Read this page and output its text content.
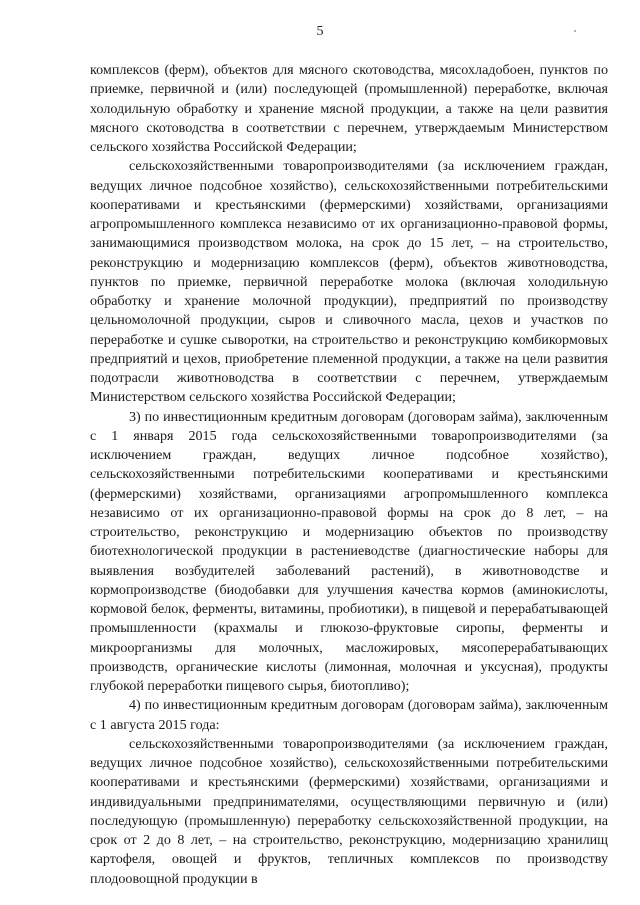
5

комплексов (ферм), объектов для мясного скотоводства, мясохладобоен, пунктов по приемке, первичной и (или) последующей (промышленной) переработке, включая холодильную обработку и хранение мясной продукции, а также на цели развития мясного скотоводства в соответствии с перечнем, утверждаемым Министерством сельского хозяйства Российской Федерации;

сельскохозяйственными товаропроизводителями (за исключением граждан, ведущих личное подсобное хозяйство), сельскохозяйственными потребительскими кооперативами и крестьянскими (фермерскими) хозяйствами, организациями агропромышленного комплекса независимо от их организационно-правовой формы, занимающимися производством молока, на срок до 15 лет, – на строительство, реконструкцию и модернизацию комплексов (ферм), объектов животноводства, пунктов по приемке, первичной переработке молока (включая холодильную обработку и хранение молочной продукции), предприятий по производству цельномолочной продукции, сыров и сливочного масла, цехов и участков по переработке и сушке сыворотки, на строительство и реконструкцию комбикормовых предприятий и цехов, приобретение племенной продукции, а также на цели развития подотрасли животноводства в соответствии с перечнем, утверждаемым Министерством сельского хозяйства Российской Федерации;

3) по инвестиционным кредитным договорам (договорам займа), заключенным с 1 января 2015 года сельскохозяйственными товаропроизводителями (за исключением граждан, ведущих личное подсобное хозяйство), сельскохозяйственными потребительскими кооперативами и крестьянскими (фермерскими) хозяйствами, организациями агропромышленного комплекса независимо от их организационно-правовой формы на срок до 8 лет, – на строительство, реконструкцию и модернизацию объектов по производству биотехнологической продукции в растениеводстве (диагностические наборы для выявления возбудителей заболеваний растений), в животноводстве и кормопроизводстве (биодобавки для улучшения качества кормов (аминокислоты, кормовой белок, ферменты, витамины, пробиотики), в пищевой и перерабатывающей промышленности (крахмалы и глюкозо-фруктовые сиропы, ферменты и микроорганизмы для молочных, масложировых, мясоперерабатывающих производств, органические кислоты (лимонная, молочная и уксусная), продукты глубокой переработки пищевого сырья, биотопливо);

4) по инвестиционным кредитным договорам (договорам займа), заключенным с 1 августа 2015 года:

сельскохозяйственными товаропроизводителями (за исключением граждан, ведущих личное подсобное хозяйство), сельскохозяйственными потребительскими кооперативами и крестьянскими (фермерскими) хозяйствами, организациями и индивидуальными предпринимателями, осуществляющими первичную и (или) последующую (промышленную) переработку сельскохозяйственной продукции, на срок от 2 до 8 лет, – на строительство, реконструкцию, модернизацию хранилищ картофеля, овощей и фруктов, тепличных комплексов по производству плодоовощной продукции в
